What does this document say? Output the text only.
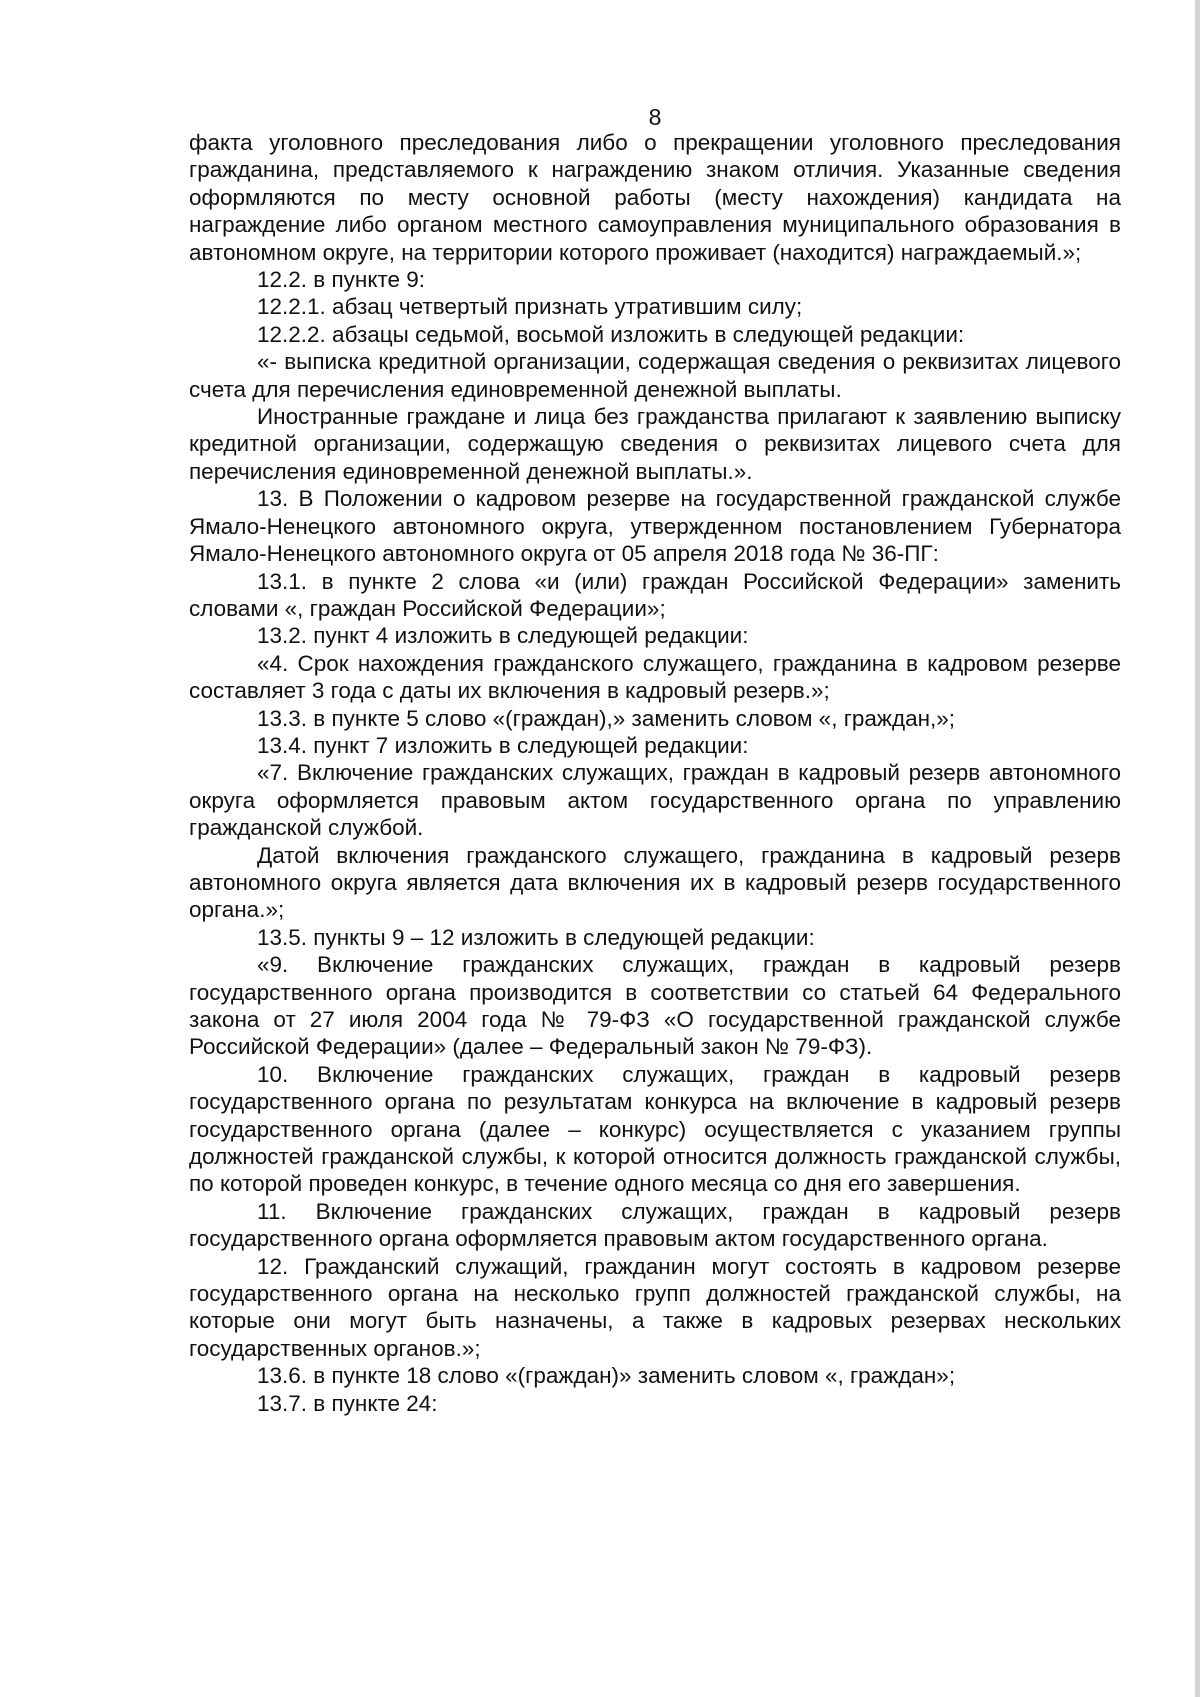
8

факта уголовного преследования либо о прекращении уголовного преследования гражданина, представляемого к награждению знаком отличия. Указанные сведения оформляются по месту основной работы (месту нахождения) кандидата на награждение либо органом местного самоуправления муниципального образования в автономном округе, на территории которого проживает (находится) награждаемый.»;

12.2. в пункте 9:

12.2.1. абзац четвертый признать утратившим силу;

12.2.2. абзацы седьмой, восьмой изложить в следующей редакции:

«- выписка кредитной организации, содержащая сведения о реквизитах лицевого счета для перечисления единовременной денежной выплаты.

Иностранные граждане и лица без гражданства прилагают к заявлению выписку кредитной организации, содержащую сведения о реквизитах лицевого счета для перечисления единовременной денежной выплаты.».

13. В Положении о кадровом резерве на государственной гражданской службе Ямало-Ненецкого автономного округа, утвержденном постановлением Губернатора Ямало-Ненецкого автономного округа от 05 апреля 2018 года № 36-ПГ:

13.1. в пункте 2 слова «и (или) граждан Российской Федерации» заменить словами «, граждан Российской Федерации»;

13.2. пункт 4 изложить в следующей редакции:

«4. Срок нахождения гражданского служащего, гражданина в кадровом резерве составляет 3 года с даты их включения в кадровый резерв.»;

13.3. в пункте 5 слово «(граждан),» заменить словом «, граждан,»;

13.4. пункт 7 изложить в следующей редакции:

«7. Включение гражданских служащих, граждан в кадровый резерв автономного округа оформляется правовым актом государственного органа по управлению гражданской службой.

Датой включения гражданского служащего, гражданина в кадровый резерв автономного округа является дата включения их в кадровый резерв государственного органа.»;

13.5. пункты 9 – 12 изложить в следующей редакции:

«9. Включение гражданских служащих, граждан в кадровый резерв государственного органа производится в соответствии со статьей 64 Федерального закона от 27 июля 2004 года № 79-ФЗ «О государственной гражданской службе Российской Федерации» (далее – Федеральный закон № 79-ФЗ).

10. Включение гражданских служащих, граждан в кадровый резерв государственного органа по результатам конкурса на включение в кадровый резерв государственного органа (далее – конкурс) осуществляется с указанием группы должностей гражданской службы, к которой относится должность гражданской службы, по которой проведен конкурс, в течение одного месяца со дня его завершения.

11. Включение гражданских служащих, граждан в кадровый резерв государственного органа оформляется правовым актом государственного органа.

12. Гражданский служащий, гражданин могут состоять в кадровом резерве государственного органа на несколько групп должностей гражданской службы, на которые они могут быть назначены, а также в кадровых резервах нескольких государственных органов.»;

13.6. в пункте 18 слово «(граждан)» заменить словом «, граждан»;

13.7. в пункте 24:
